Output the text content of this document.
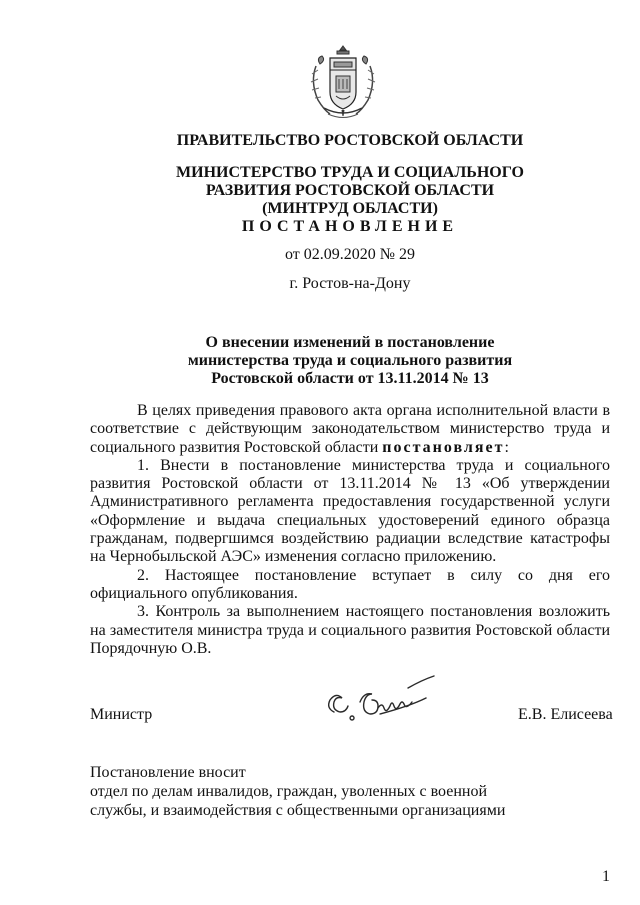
ПРАВИТЕЛЬСТВО РОСТОВСКОЙ ОБЛАСТИ
МИНИСТЕРСТВО ТРУДА И СОЦИАЛЬНОГО
РАЗВИТИЯ РОСТОВСКОЙ ОБЛАСТИ
(МИНТРУД ОБЛАСТИ)
ПОСТАНОВЛЕНИЕ
от 02.09.2020 № 29
г. Ростов-на-Дону
О внесении изменений в постановление
министерства труда и социального развития
Ростовской области от 13.11.2014 № 13

В целях приведения правового акта органа исполнительной власти в соответствие с действующим законодательством министерство труда и социального развития Ростовской области постановляет:

1. Внести в постановление министерства труда и социального развития Ростовской области от 13.11.2014 № 13 «Об утверждении Административного регламента предоставления государственной услуги «Оформление и выдача специальных удостоверений единого образца гражданам, подвергшимся воздействию радиации вследствие катастрофы на Чернобыльской АЭС» изменения согласно приложению.

2. Настоящее постановление вступает в силу со дня его официального опубликования.

3. Контроль за выполнением настоящего постановления возложить на заместителя министра труда и социального развития Ростовской области Порядочную О.В.

Министр	Е.В. Елисеева
Постановление вносит
отдел по делам инвалидов, граждан, уволенных с военной
службы, и взаимодействия с общественными организациями
1
